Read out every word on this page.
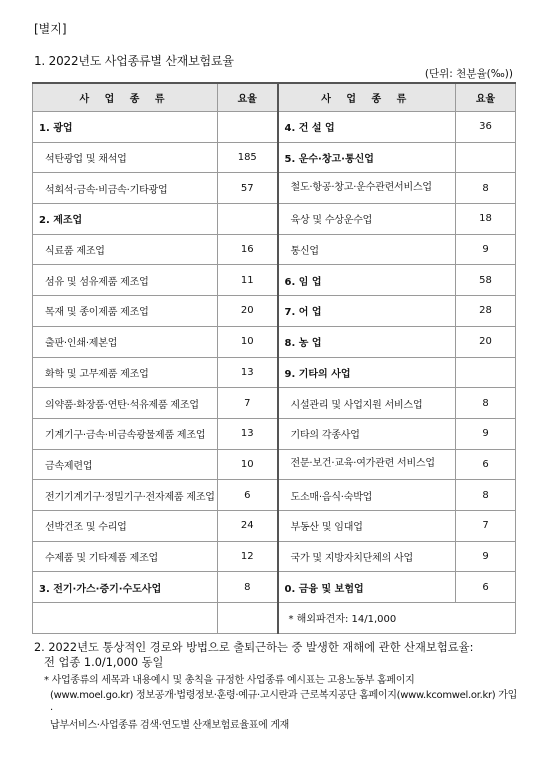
[별지]
1. 2022년도 사업종류별 산재보험료율
(단위: 천분율(‰))
사 업 종 류	요율	사 업 종 류	요율
1. 광업		4. 건 설 업	36
석탄광업 및 채석업	185	5. 운수·창고·통신업	
석회석·금속·비금속·기타광업	57	철도·항공·창고·운수관련서비스업	8
2. 제조업		육상 및 수상운수업	18
식료품 제조업	16	통신업	9
섬유 및 섬유제품 제조업	11	6. 임 업	58
목재 및 종이제품 제조업	20	7. 어 업	28
출판·인쇄·제본업	10	8. 농 업	20
화학 및 고무제품 제조업	13	9. 기타의 사업	
의약품·화장품·연탄·석유제품 제조업	7	시설관리 및 사업지원 서비스업	8
기계기구·금속·비금속광물제품 제조업	13	기타의 각종사업	9
금속제련업	10	전문·보건·교육·여가관련 서비스업	6
전기기계기구·정밀기구·전자제품 제조업	6	도소매·음식·숙박업	8
선박건조 및 수리업	24	부동산 및 임대업	7
수제품 및 기타제품 제조업	12	국가 및 지방자치단체의 사업	9
3. 전기·가스·증기·수도사업	8	0. 금융 및 보험업	6
		* 해외파견자: 14/1,000	
2. 2022년도 통상적인 경로와 방법으로 출퇴근하는 중 발생한 재해에 관한 산재보험료율:
전 업종 1.0/1,000 동일
* 사업종류의 세목과 내용예시 및 총칙을 규정한 사업종류 예시표는 고용노동부 홈페이지
(www.moel.go.kr) 정보공개·법령정보·훈령·예규·고시란과 근로복지공단 홈페이지(www.kcomwel.or.kr) 가입·
납부서비스·사업종류 검색·연도별 산재보험료율표에 게재
